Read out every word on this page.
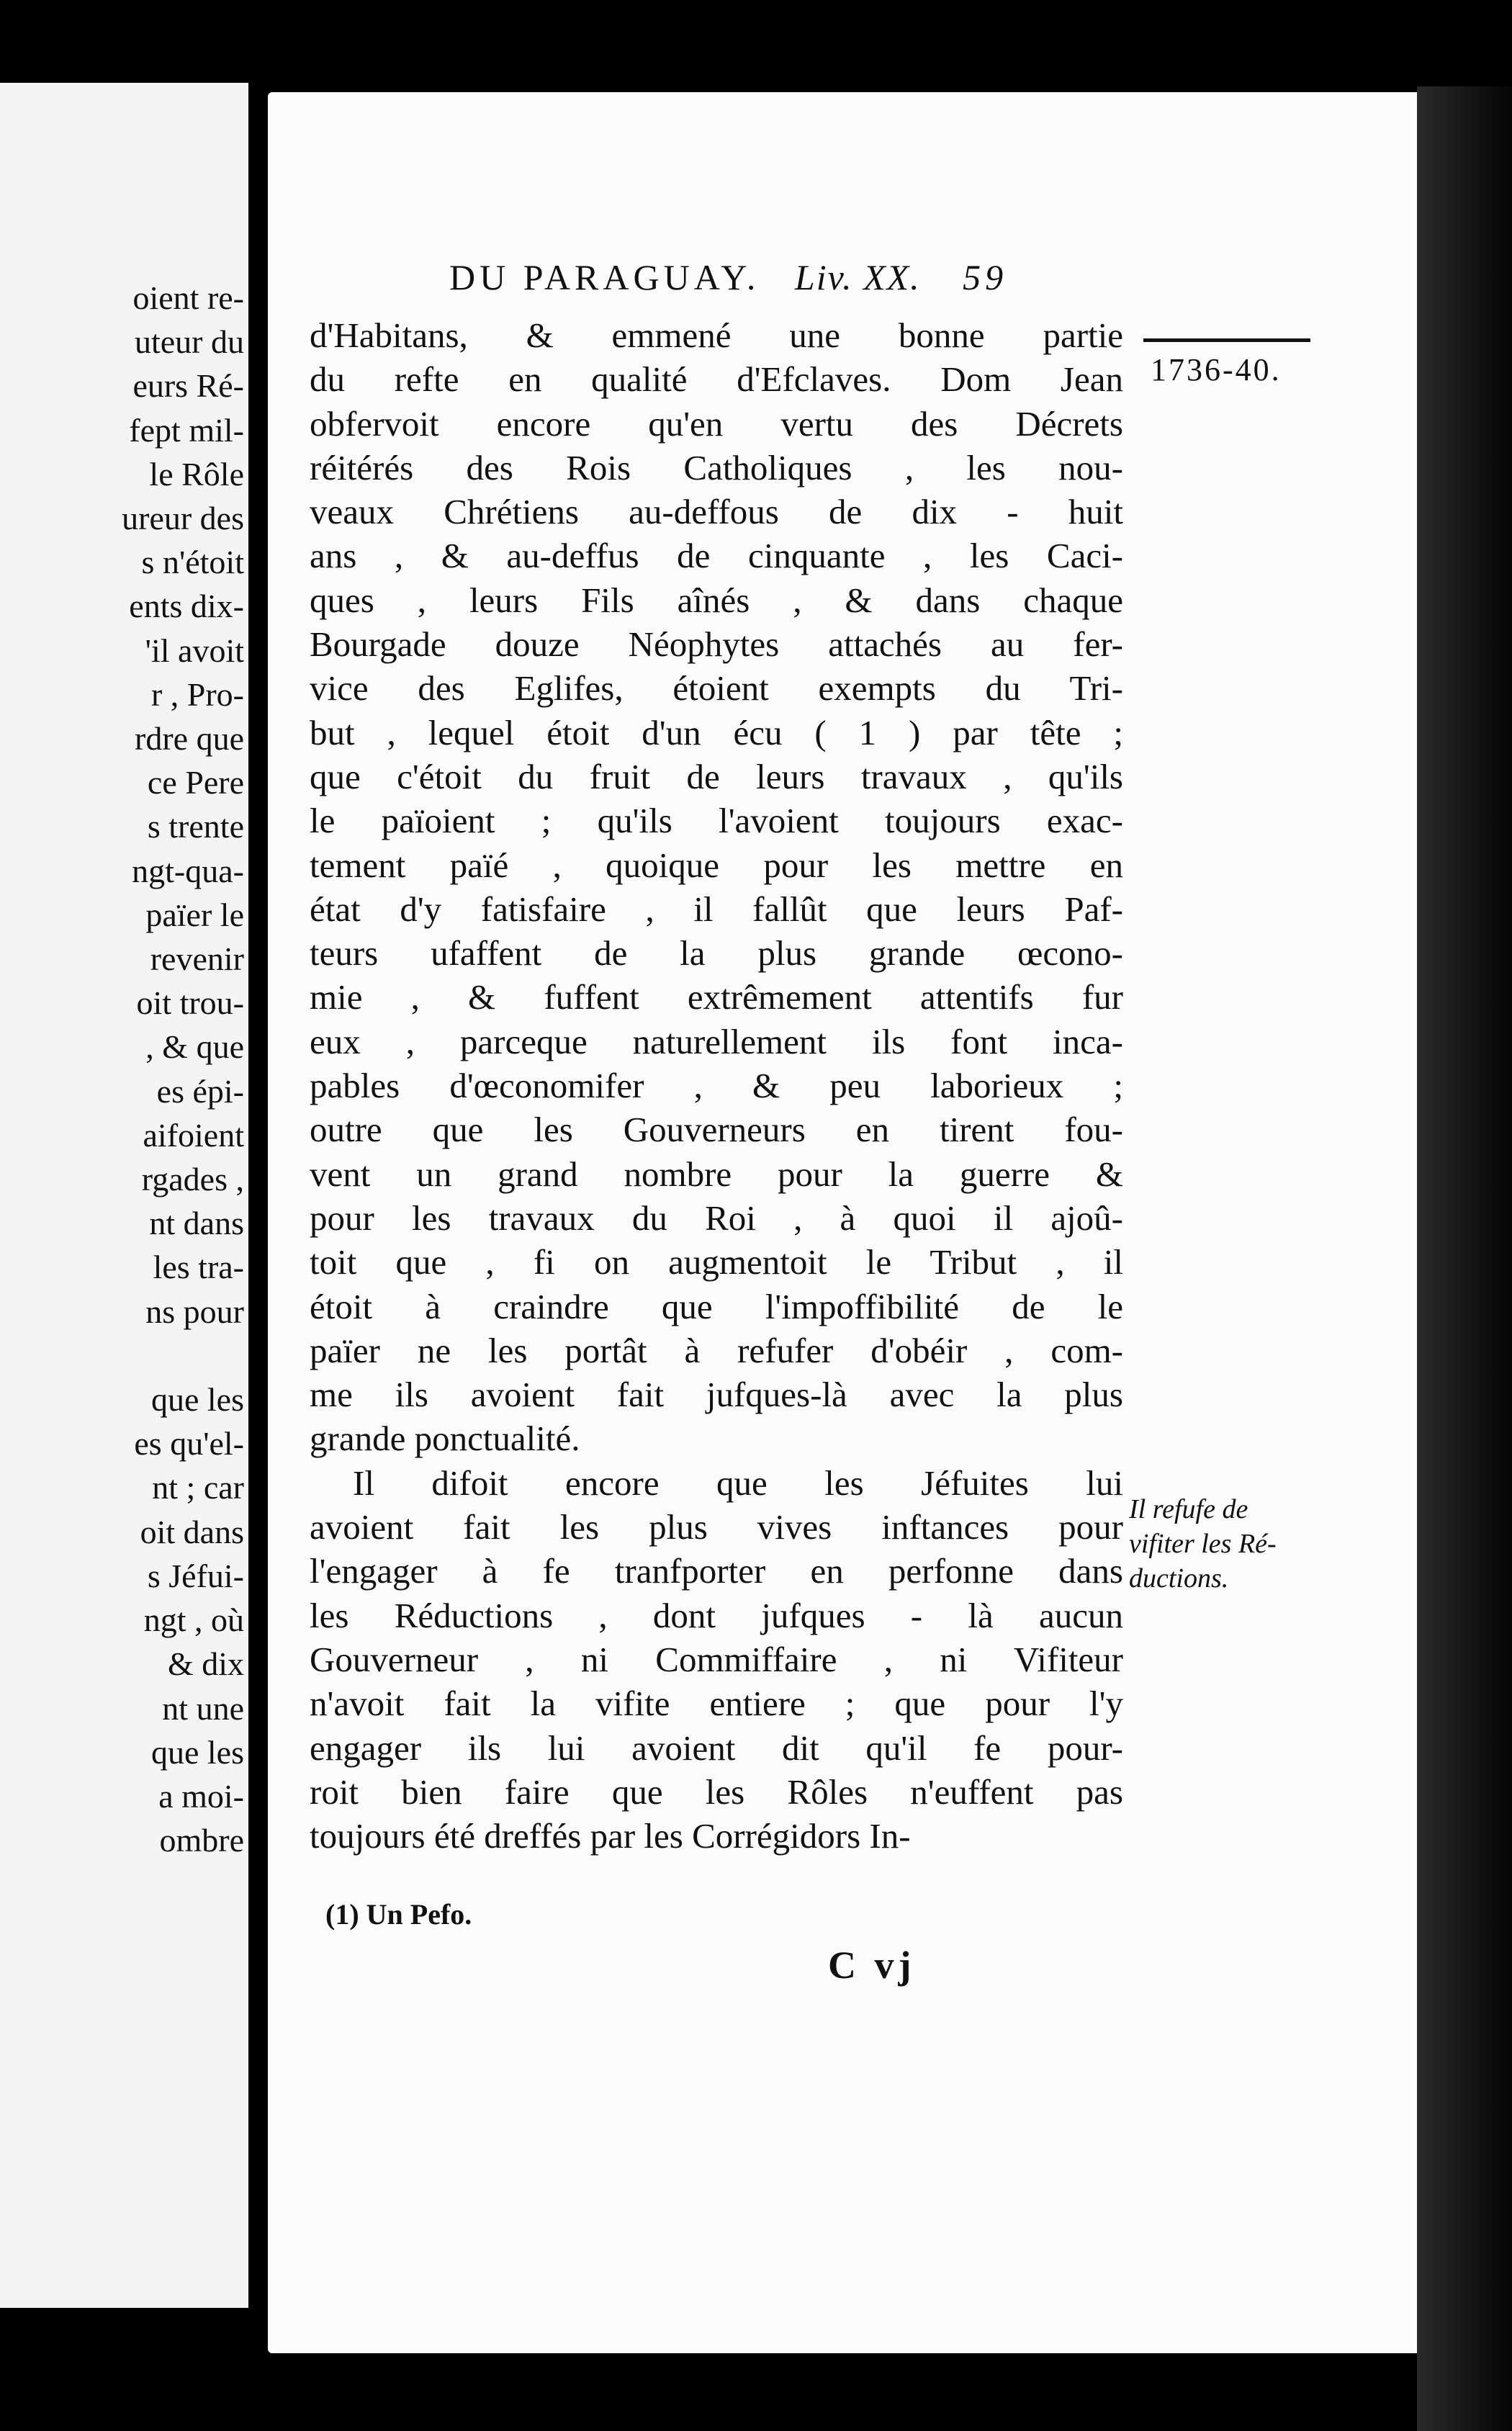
oient re-
uteur du
eurs Ré-
fept mil-
le Rôle
ureur des
s n'étoit
ents dix-
'il avoit
r , Pro-
rdre que
ce Pere
s trente
ngt-qua-
païer le
revenir
oit trou-
, & que
es épi-
aifoient
rgades ,
nt dans
les tra-
ns pour

que les
es qu'el-
nt ; car
oit dans
s Jéfui-
ngt , où
& dix
nt une
que les
a moi-
ombre
DU PARAGUAY. Liv. XX. 59
1736-40.
d'Habitans, & emmené une bonne partie
du refte en qualité d'Efclaves. Dom Jean
obfervoit encore qu'en vertu des Décrets
réitérés des Rois Catholiques , les nou-
veaux Chrétiens au-deffous de dix - huit
ans , & au-deffus de cinquante , les Caci-
ques , leurs Fils aînés , & dans chaque
Bourgade douze Néophytes attachés au fer-
vice des Eglifes, étoient exempts du Tri-
but , lequel étoit d'un écu ( 1 ) par tête ;
que c'étoit du fruit de leurs travaux , qu'ils
le païoient ; qu'ils l'avoient toujours exac-
tement païé , quoique pour les mettre en
état d'y fatisfaire , il fallût que leurs Paf-
teurs ufaffent de la plus grande œcono-
mie , & fuffent extrêmement attentifs fur
eux , parceque naturellement ils font inca-
pables d'œconomifer , & peu laborieux ;
outre que les Gouverneurs en tirent fou-
vent un grand nombre pour la guerre &
pour les travaux du Roi , à quoi il ajoû-
toit que , fi on augmentoit le Tribut , il
étoit à craindre que l'impoffibilité de le
païer ne les portât à refufer d'obéir , com-
me ils avoient fait jufques-là avec la plus
grande ponctualité.
Il difoit encore que les Jéfuites lui
avoient fait les plus vives inftances pour
l'engager à fe tranfporter en perfonne dans
les Réductions , dont jufques - là aucun
Gouverneur , ni Commiffaire , ni Vifiteur
n'avoit fait la vifite entiere ; que pour l'y
engager ils lui avoient dit qu'il fe pour-
roit bien faire que les Rôles n'euffent pas
toujours été dreffés par les Corrégidors In-
Il refufe de
vifiter les Ré-
ductions.
(1) Un Pefo.
C vj
